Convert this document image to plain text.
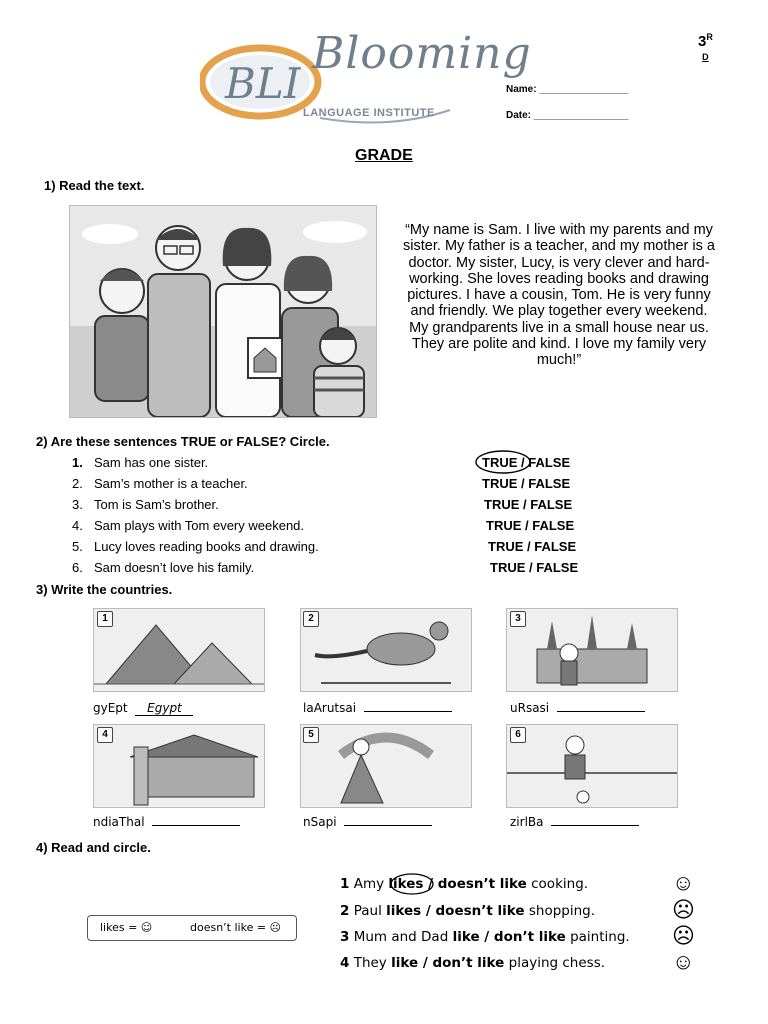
BLI
Blooming
LANGUAGE INSTITUTE
Name: ________________
Date: _________________
$3^R$
D
GRADE
1) Read the text.
“My name is Sam. I live with my parents and my sister. My father is a teacher, and my mother is a doctor. My sister, Lucy, is very clever and hard-working. She loves reading books and drawing pictures. I have a cousin, Tom. He is very funny and friendly. We play together every weekend. My grandparents live in a small house near us. They are polite and kind. I love my family very much!”
2) Are these sentences TRUE or FALSE? Circle.
1. Sam has one sister.	TRUE / FALSE
2. Sam’s mother is a teacher.	TRUE / FALSE
3. Tom is Sam’s brother.	TRUE / FALSE
4. Sam plays with Tom every weekend.	TRUE / FALSE
5. Lucy loves reading books and drawing.	TRUE / FALSE
6. Sam doesn’t love his family.	TRUE / FALSE
3) Write the countries.
1	2	3
gyEpt Egypt	laArutsai	uRsasi
4	5	6
ndiaThal	nSapi	zirlBa
4) Read and circle.
likes = ☺	doesn’t like = ☹
1 Amy likes / doesn’t like cooking.	☺
2 Paul likes / doesn’t like shopping.	☹
3 Mum and Dad like / don’t like painting. ☹
4 They like / don’t like playing chess.	☺
